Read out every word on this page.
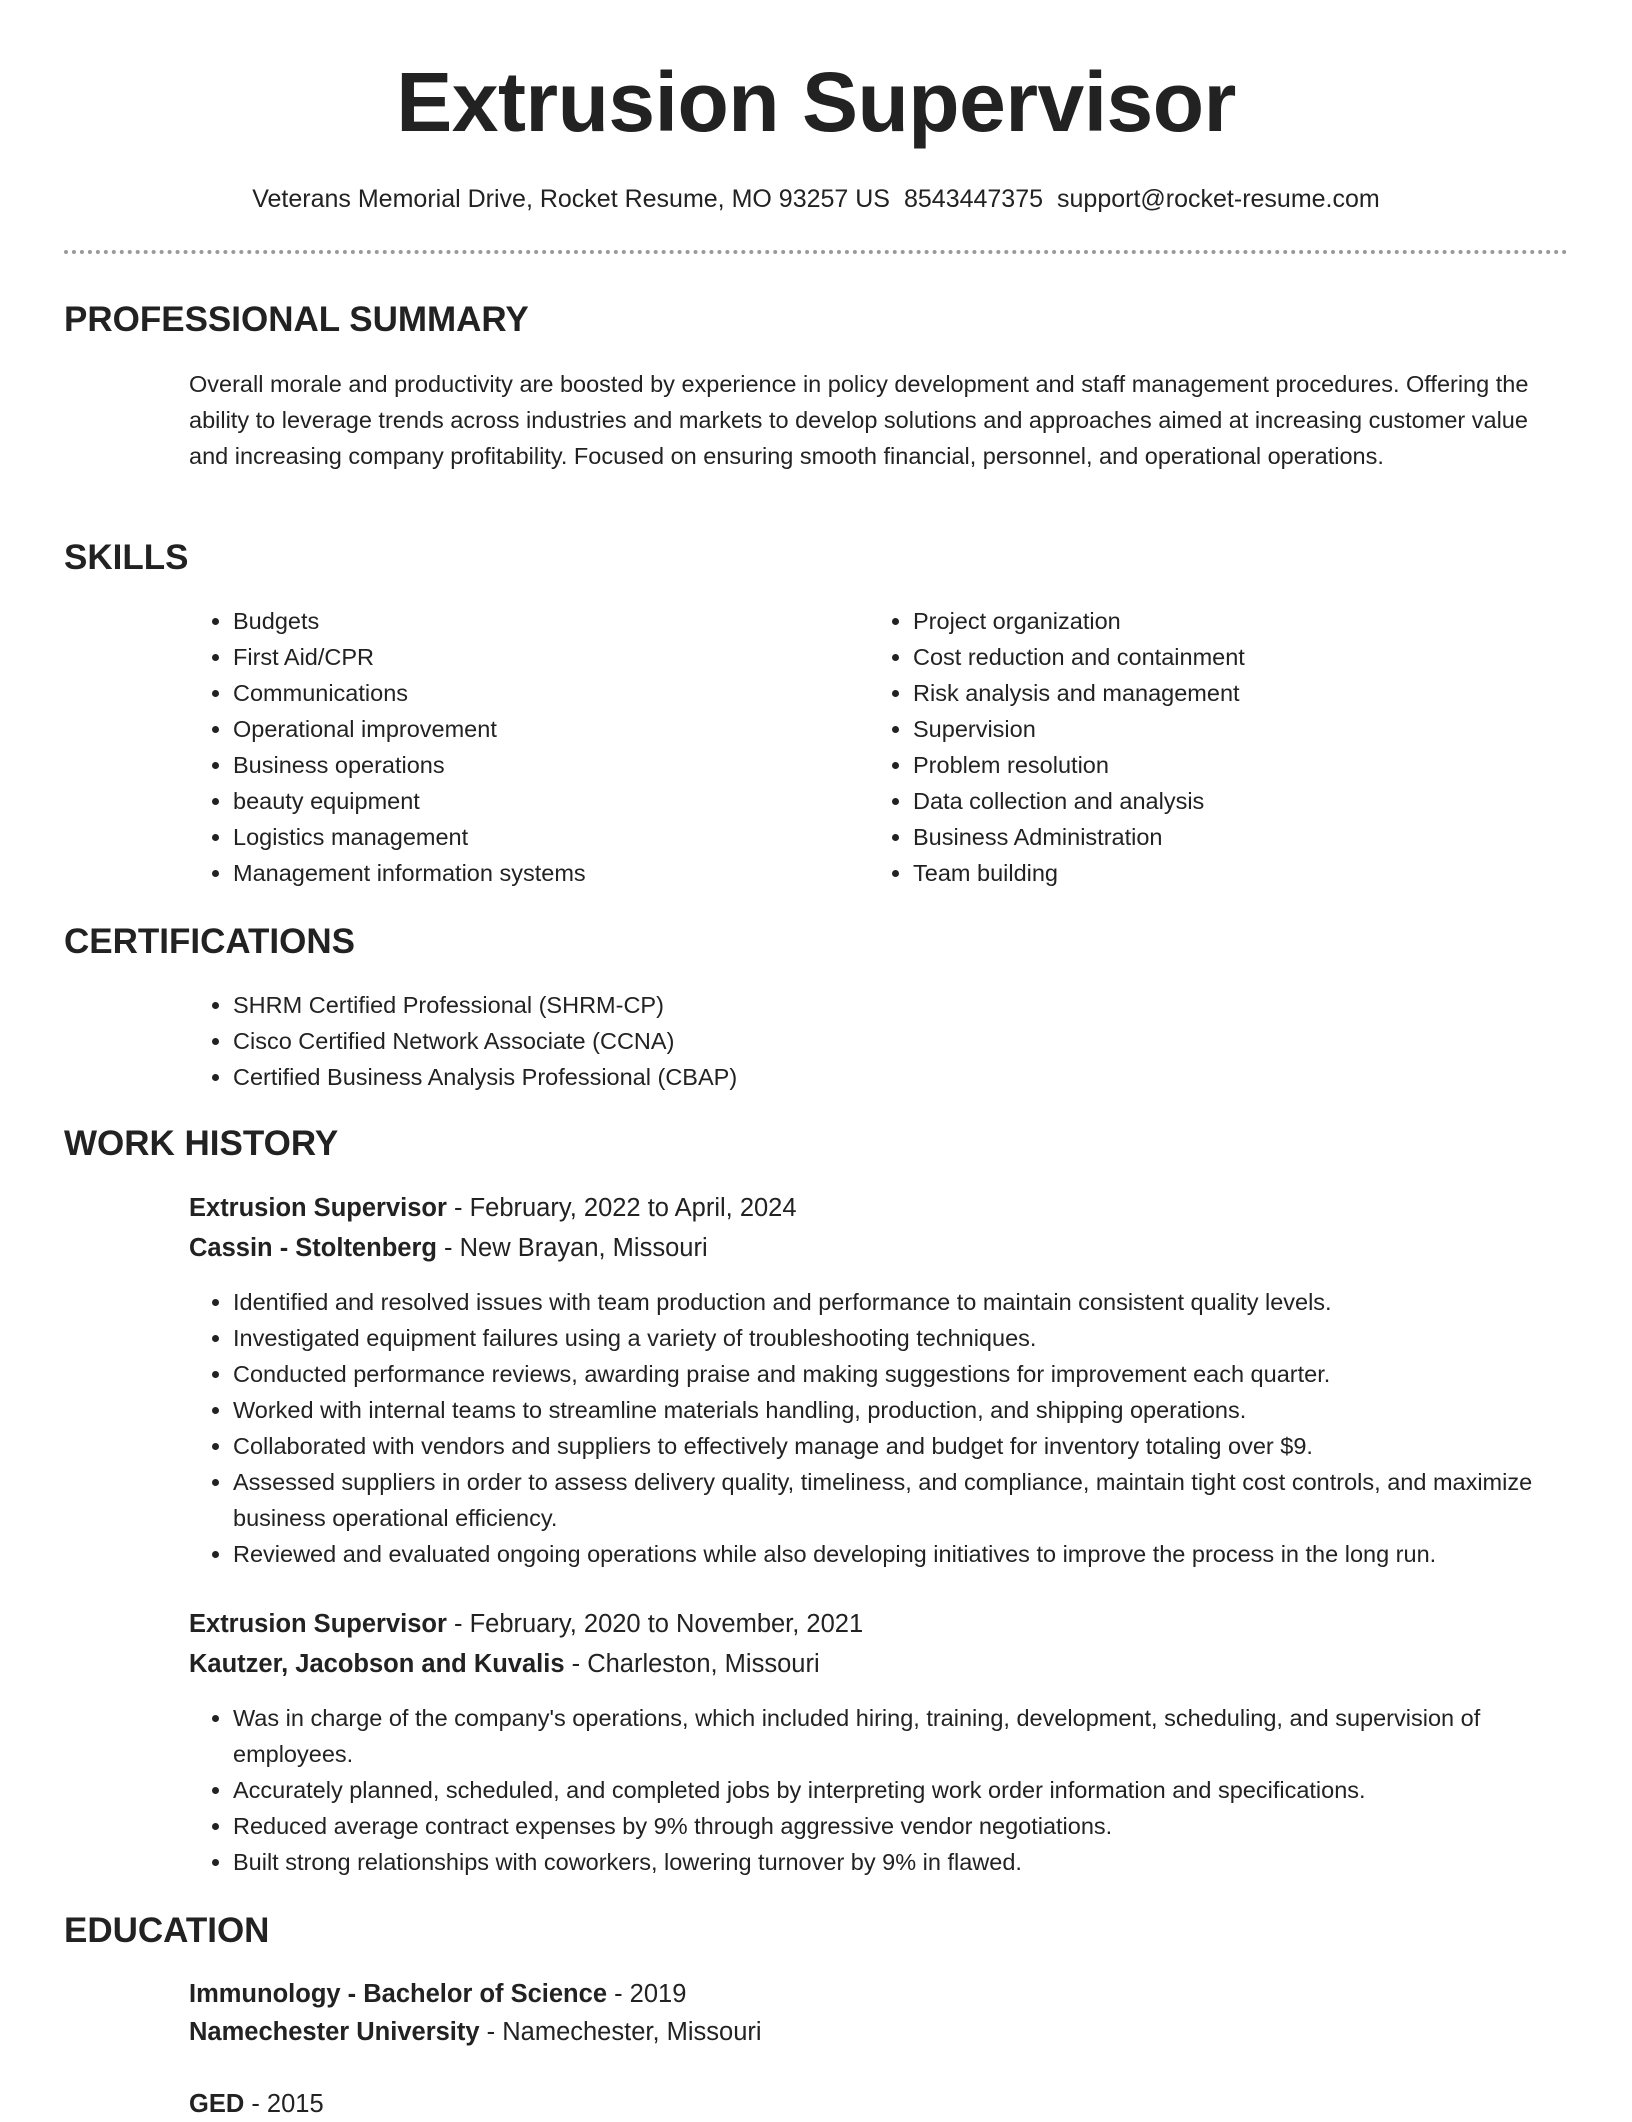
Extrusion Supervisor
Veterans Memorial Drive, Rocket Resume, MO 93257 US 8543447375 support@rocket-resume.com
PROFESSIONAL SUMMARY

Overall morale and productivity are boosted by experience in policy development and staff management procedures. Offering the ability to leverage trends across industries and markets to develop solutions and approaches aimed at increasing customer value and increasing company profitability. Focused on ensuring smooth financial, personnel, and operational operations.

SKILLS
• Budgets
• First Aid/CPR
• Communications
• Operational improvement
• Business operations
• beauty equipment
• Logistics management
• Management information systems
• Project organization
• Cost reduction and containment
• Risk analysis and management
• Supervision
• Problem resolution
• Data collection and analysis
• Business Administration
• Team building
CERTIFICATIONS
• SHRM Certified Professional (SHRM-CP)
• Cisco Certified Network Associate (CCNA)
• Certified Business Analysis Professional (CBAP)
WORK HISTORY
Extrusion Supervisor - February, 2022 to April, 2024
Cassin - Stoltenberg - New Brayan, Missouri
• Identified and resolved issues with team production and performance to maintain consistent quality levels.
• Investigated equipment failures using a variety of troubleshooting techniques.
• Conducted performance reviews, awarding praise and making suggestions for improvement each quarter.
• Worked with internal teams to streamline materials handling, production, and shipping operations.
• Collaborated with vendors and suppliers to effectively manage and budget for inventory totaling over $9.
• Assessed suppliers in order to assess delivery quality, timeliness, and compliance, maintain tight cost controls, and maximize business operational efficiency.
• Reviewed and evaluated ongoing operations while also developing initiatives to improve the process in the long run.
Extrusion Supervisor - February, 2020 to November, 2021
Kautzer, Jacobson and Kuvalis - Charleston, Missouri
• Was in charge of the company's operations, which included hiring, training, development, scheduling, and supervision of employees.
• Accurately planned, scheduled, and completed jobs by interpreting work order information and specifications.
• Reduced average contract expenses by 9% through aggressive vendor negotiations.
• Built strong relationships with coworkers, lowering turnover by 9% in flawed.
EDUCATION
Immunology - Bachelor of Science - 2019
Namechester University - Namechester, Missouri
GED - 2015
